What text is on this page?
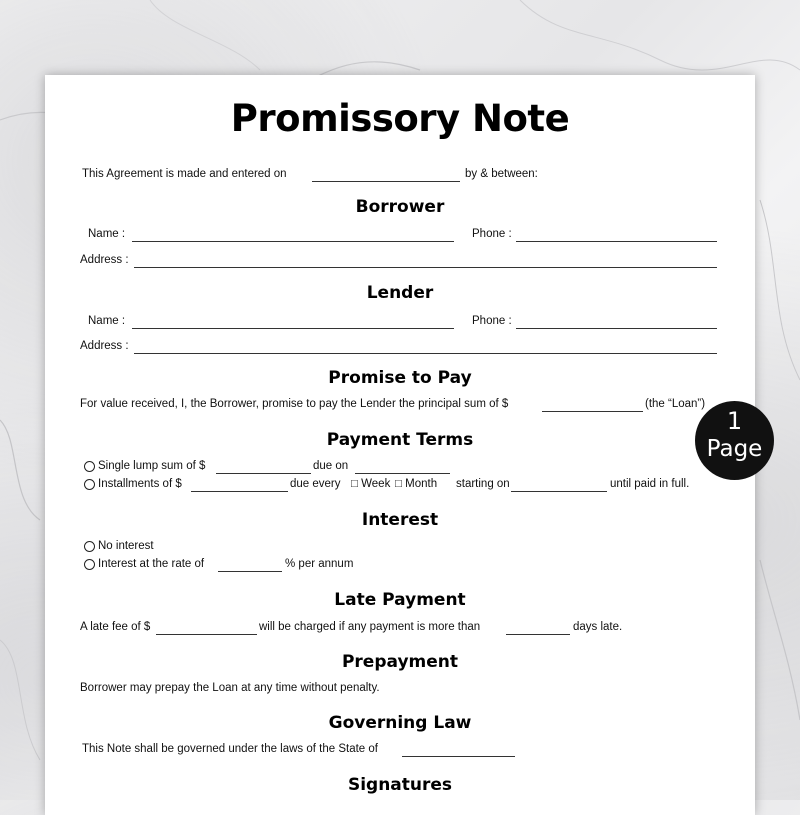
Promissory Note
This Agreement is made and entered on	by & between:
Borrower
Name :	Phone :
Address :
Lender
Name :	Phone :
Address :
Promise to Pay
For value received, I, the Borrower, promise to pay the Lender the principal sum of $	(the “Loan”)
Payment Terms
Single lump sum of $	due on
Installments of $	due every □ Week □ Month starting on	until paid in full.
Interest
No interest
Interest at the rate of	% per annum
Late Payment
A late fee of $	will be charged if any payment is more than	days late.
Prepayment
Borrower may prepay the Loan at any time without penalty.
Governing Law
This Note shall be governed under the laws of the State of
Signatures
1
Page
